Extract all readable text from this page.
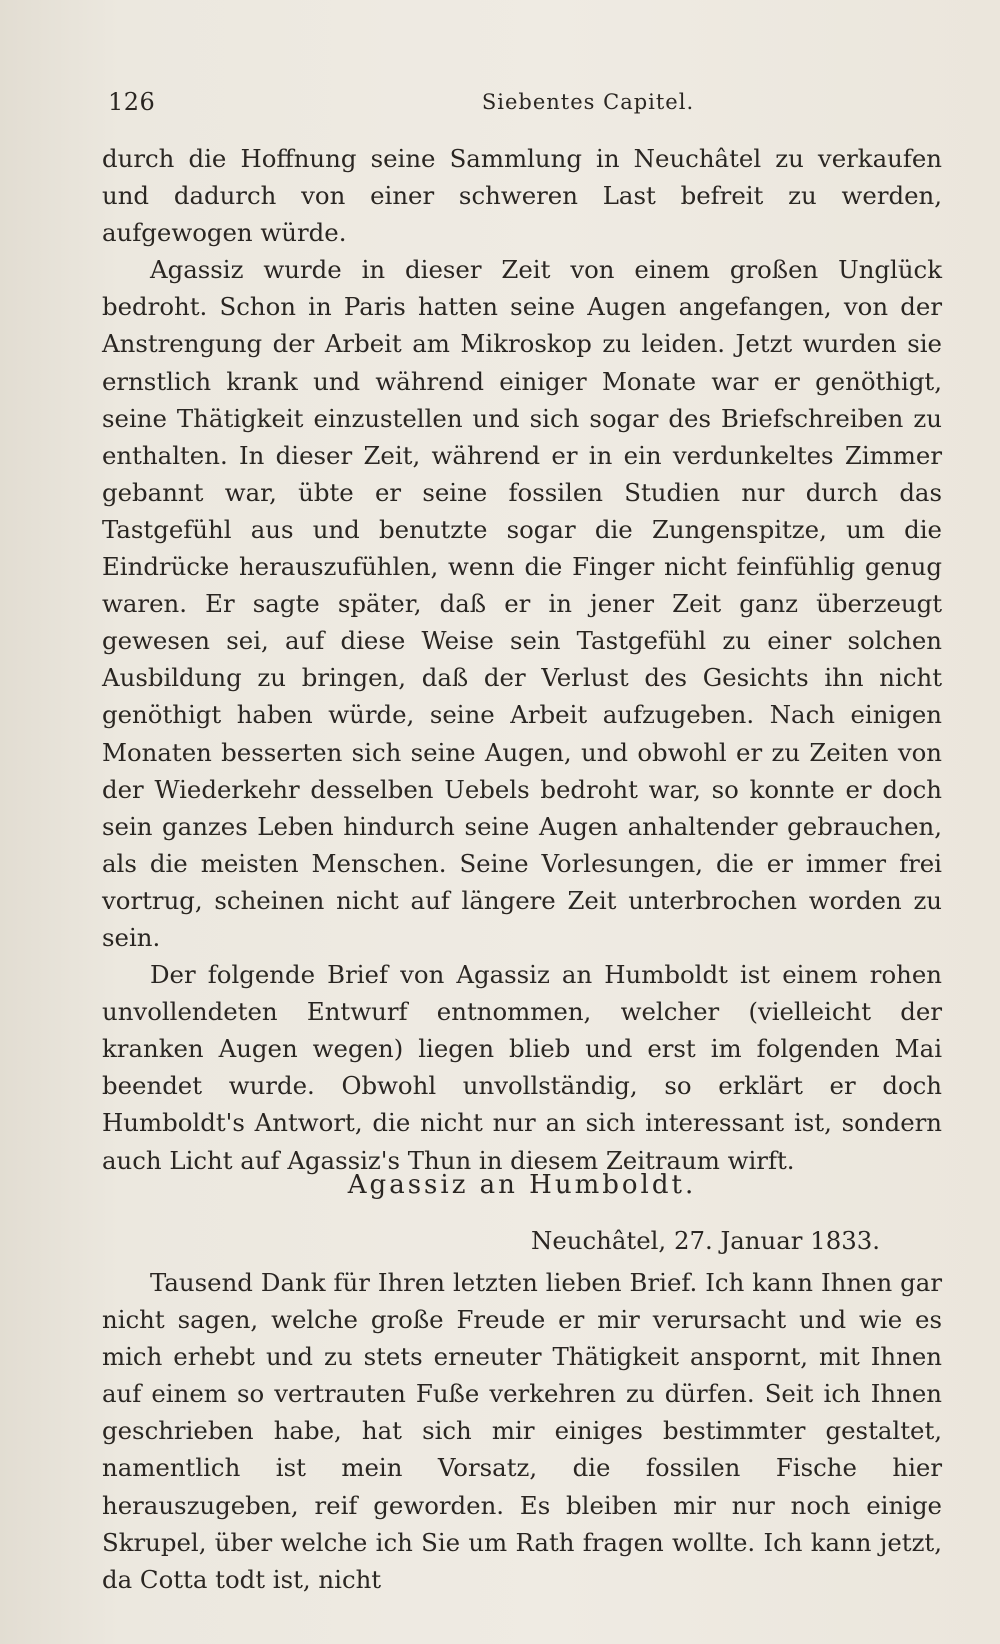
126	Siebentes Capitel.

durch die Hoffnung seine Sammlung in Neuchâtel zu verkaufen und dadurch von einer schweren Last befreit zu werden, aufgewogen würde.

Agassiz wurde in dieser Zeit von einem großen Unglück bedroht. Schon in Paris hatten seine Augen angefangen, von der Anstrengung der Arbeit am Mikroskop zu leiden. Jetzt wurden sie ernstlich krank und während einiger Monate war er genöthigt, seine Thätigkeit einzustellen und sich sogar des Briefschreiben zu enthalten. In dieser Zeit, während er in ein verdunkeltes Zimmer gebannt war, übte er seine fossilen Studien nur durch das Tastgefühl aus und benutzte sogar die Zungenspitze, um die Eindrücke herauszufühlen, wenn die Finger nicht feinfühlig genug waren. Er sagte später, daß er in jener Zeit ganz überzeugt gewesen sei, auf diese Weise sein Tastgefühl zu einer solchen Ausbildung zu bringen, daß der Verlust des Gesichts ihn nicht genöthigt haben würde, seine Arbeit aufzugeben. Nach einigen Monaten besserten sich seine Augen, und obwohl er zu Zeiten von der Wiederkehr desselben Uebels bedroht war, so konnte er doch sein ganzes Leben hindurch seine Augen anhaltender gebrauchen, als die meisten Menschen. Seine Vorlesungen, die er immer frei vortrug, scheinen nicht auf längere Zeit unterbrochen worden zu sein.

Der folgende Brief von Agassiz an Humboldt ist einem rohen unvollendeten Entwurf entnommen, welcher (vielleicht der kranken Augen wegen) liegen blieb und erst im folgenden Mai beendet wurde. Obwohl unvollständig, so erklärt er doch Humboldt's Antwort, die nicht nur an sich interessant ist, sondern auch Licht auf Agassiz's Thun in diesem Zeitraum wirft.

Agassiz an Humboldt.
Neuchâtel, 27. Januar 1833.

Tausend Dank für Ihren letzten lieben Brief. Ich kann Ihnen gar nicht sagen, welche große Freude er mir verursacht und wie es mich erhebt und zu stets erneuter Thätigkeit anspornt, mit Ihnen auf einem so vertrauten Fuße verkehren zu dürfen. Seit ich Ihnen geschrieben habe, hat sich mir einiges bestimmter gestaltet, namentlich ist mein Vorsatz, die fossilen Fische hier herauszugeben, reif geworden. Es bleiben mir nur noch einige Skrupel, über welche ich Sie um Rath fragen wollte. Ich kann jetzt, da Cotta todt ist, nicht
